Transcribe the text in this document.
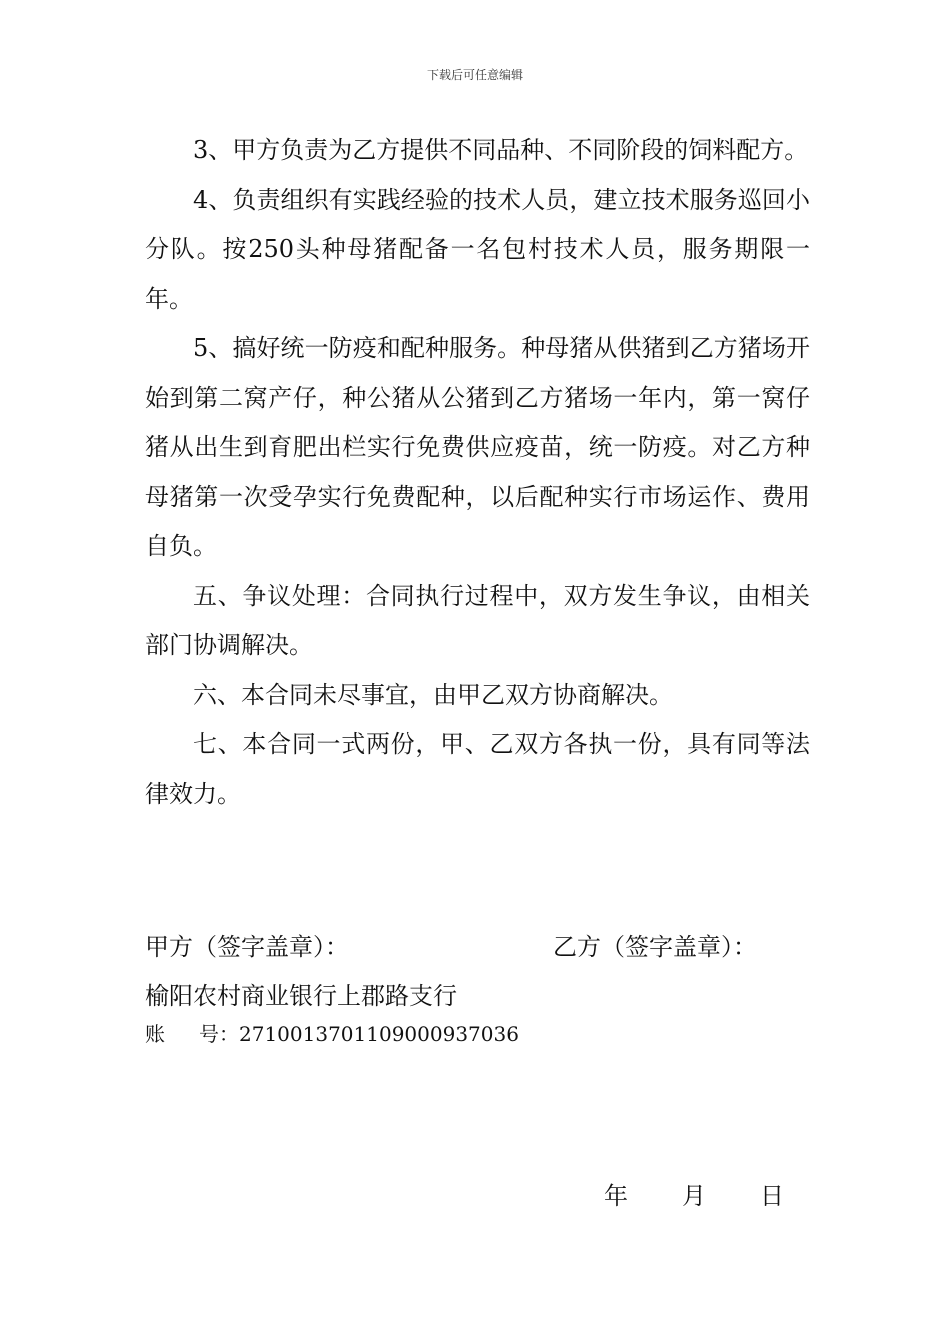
下载后可任意编辑

3、甲方负责为乙方提供不同品种、不同阶段的饲料配方。

4、负责组织有实践经验的技术人员，建立技术服务巡回小分队。按250头种母猪配备一名包村技术人员，服务期限一年。

5、搞好统一防疫和配种服务。种母猪从供猪到乙方猪场开始到第二窝产仔，种公猪从公猪到乙方猪场一年内，第一窝仔猪从出生到育肥出栏实行免费供应疫苗，统一防疫。对乙方种母猪第一次受孕实行免费配种，以后配种实行市场运作、费用自负。

五、争议处理：合同执行过程中，双方发生争议，由相关部门协调解决。

六、本合同未尽事宜，由甲乙双方协商解决。

七、本合同一式两份，甲、乙双方各执一份，具有同等法律效力。

甲方（签字盖章）：	乙方（签字盖章）：
榆阳农村商业银行上郡路支行
账 号：27100137011090009370​36
年 月 日
